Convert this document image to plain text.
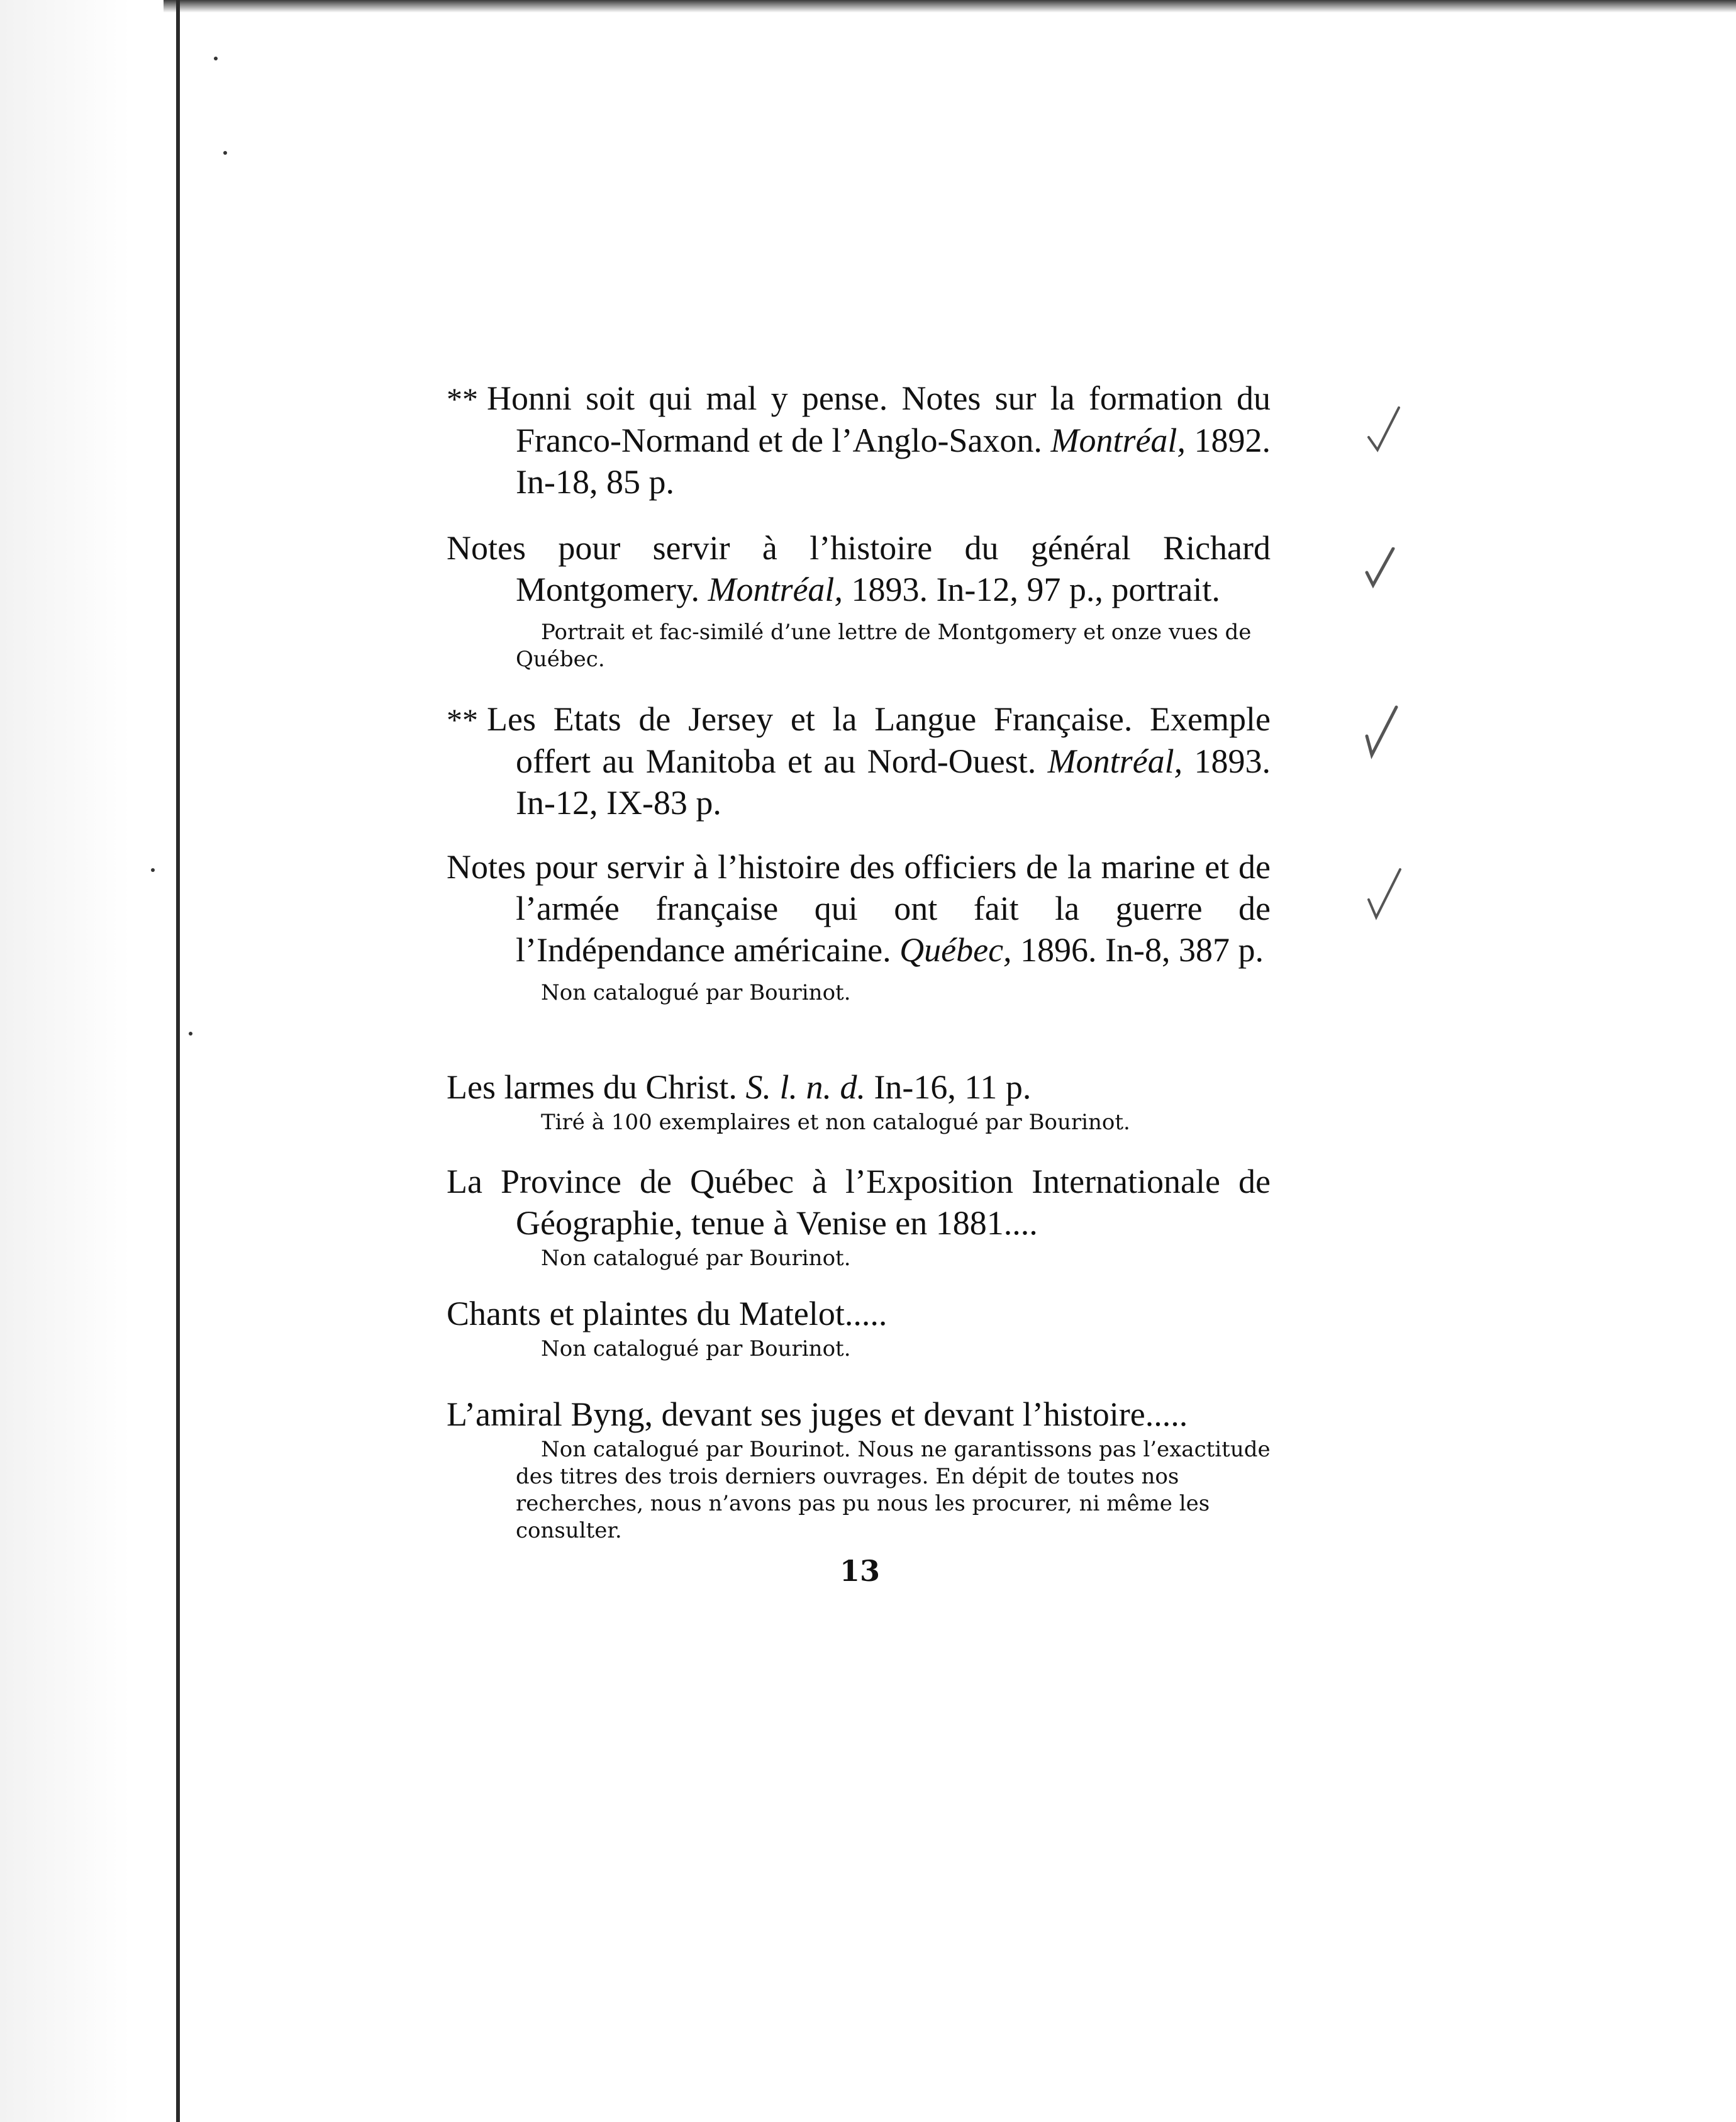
** Honni soit qui mal y pense. Notes sur la formation du Franco-Normand et de l’Anglo-Saxon. Montréal, 1892. In-18, 85 p.

Notes pour servir à l’histoire du général Richard Montgomery. Montréal, 1893. In-12, 97 p., portrait.

Portrait et fac-similé d’une lettre de Montgomery et onze vues de Québec.

** Les Etats de Jersey et la Langue Française. Exemple offert au Manitoba et au Nord-Ouest. Montréal, 1893. In-12, IX-83 p.

Notes pour servir à l’histoire des officiers de la marine et de l’armée française qui ont fait la guerre de l’Indépendance américaine. Québec, 1896. In-8, 387 p.

Non catalogué par Bourinot.

Les larmes du Christ. S. l. n. d. In-16, 11 p.

Tiré à 100 exemplaires et non catalogué par Bourinot.

La Province de Québec à l’Exposition Internationale de Géographie, tenue à Venise en 1881....

Non catalogué par Bourinot.

Chants et plaintes du Matelot.....

Non catalogué par Bourinot.

L’amiral Byng, devant ses juges et devant l’histoire.....

Non catalogué par Bourinot. Nous ne garantissons pas l’exactitude des titres des trois derniers ouvrages. En dépit de toutes nos recherches, nous n’avons pas pu nous les procurer, ni même les consulter.

13
